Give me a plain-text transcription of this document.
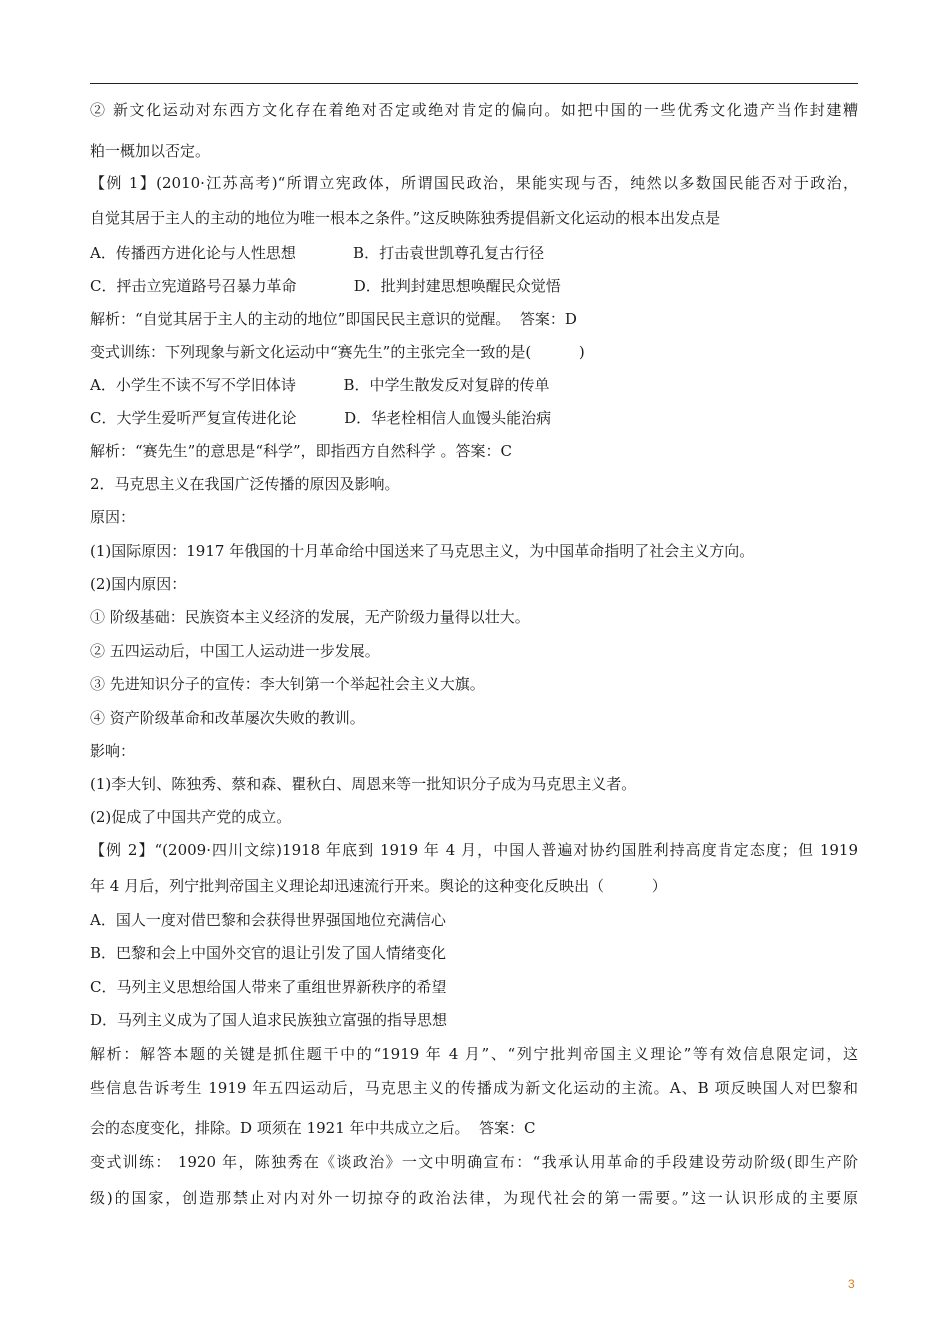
② 新文化运动对东西方文化存在着绝对否定或绝对肯定的偏向。如把中国的一些优秀文化遗产当作封建糟
粕一概加以否定。
【例 1】(2010·江苏高考)“所谓立宪政体，所谓国民政治，果能实现与否，纯然以多数国民能否对于政治，
自觉其居于主人的主动的地位为唯一根本之条件。”这反映陈独秀提倡新文化运动的根本出发点是
A．传播西方进化论与人性思想            B．打击袁世凯尊孔复古行径
C．抨击立宪道路号召暴力革命            D．批判封建思想唤醒民众觉悟
解析：“自觉其居于主人的主动的地位”即国民民主意识的觉醒。  答案：D
变式训练：下列现象与新文化运动中“赛先生”的主张完全一致的是(          )
A．小学生不读不写不学旧体诗          B．中学生散发反对复辟的传单
C．大学生爱听严复宣传进化论          D．华老栓相信人血馒头能治病
解析：“赛先生”的意思是“科学”，即指西方自然科学 。答案：C
2．马克思主义在我国广泛传播的原因及影响。
原因：
(1)国际原因：1917 年俄国的十月革命给中国送来了马克思主义，为中国革命指明了社会主义方向。
(2)国内原因：
① 阶级基础：民族资本主义经济的发展，无产阶级力量得以壮大。
② 五四运动后，中国工人运动进一步发展。
③ 先进知识分子的宣传：李大钊第一个举起社会主义大旗。
④ 资产阶级革命和改革屡次失败的教训。
影响：
(1)李大钊、陈独秀、蔡和森、瞿秋白、周恩来等一批知识分子成为马克思主义者。
(2)促成了中国共产党的成立。
【例 2】“(2009·四川文综)1918 年底到 1919 年 4 月，中国人普遍对协约国胜利持高度肯定态度；但 1919
年 4 月后，列宁批判帝国主义理论却迅速流行开来。舆论的这种变化反映出（          ）
A．国人一度对借巴黎和会获得世界强国地位充满信心
B．巴黎和会上中国外交官的退让引发了国人情绪变化
C．马列主义思想给国人带来了重组世界新秩序的希望
D．马列主义成为了国人追求民族独立富强的指导思想
解析：解答本题的关键是抓住题干中的“1919 年 4 月”、“列宁批判帝国主义理论”等有效信息限定词，这
些信息告诉考生 1919 年五四运动后，马克思主义的传播成为新文化运动的主流。A、B 项反映国人对巴黎和
会的态度变化，排除。D 项须在 1921 年中共成立之后。  答案：C
变式训练： 1920 年，陈独秀在《谈政治》一文中明确宣布：“我承认用革命的手段建设劳动阶级(即生产阶
级)的国家，创造那禁止对内对外一切掠夺的政治法律，为现代社会的第一需要。”这一认识形成的主要原
3
